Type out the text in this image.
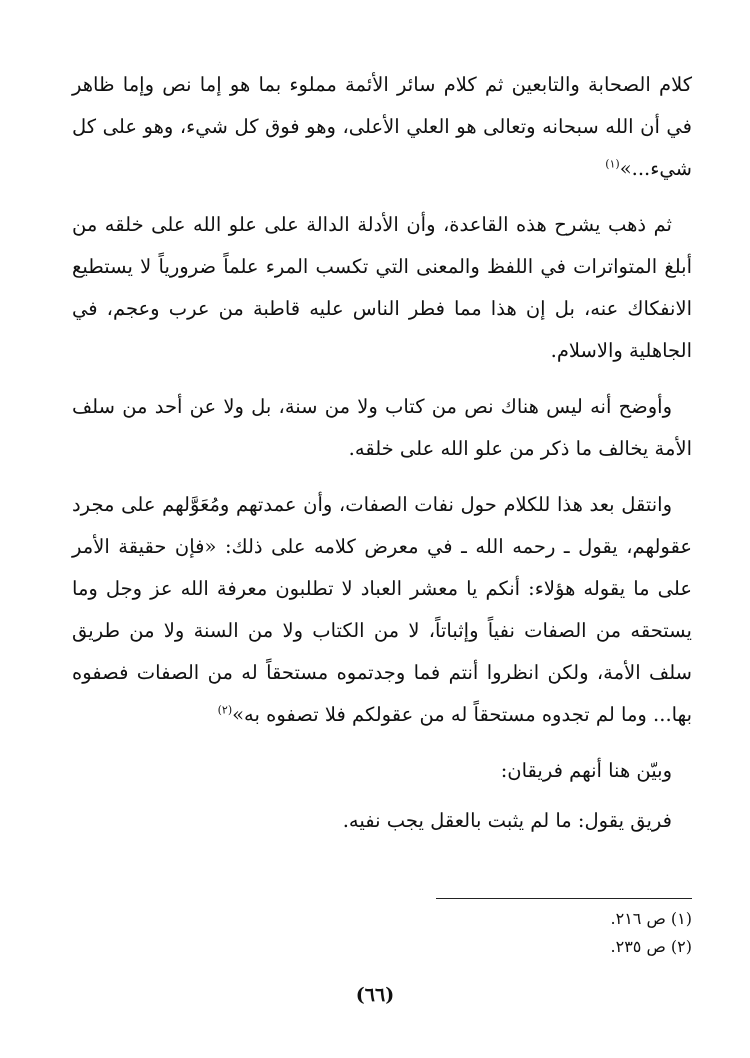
كلام الصحابة والتابعين ثم كلام سائر الأئمة مملوء بما هو إما نص وإما ظاهر في أن الله سبحانه وتعالى هو العلي الأعلى، وهو فوق كل شيء، وهو على كل شيء...»$^{(١)}$

ثم ذهب يشرح هذه القاعدة، وأن الأدلة الدالة على علو الله على خلقه من أبلغ المتواترات في اللفظ والمعنى التي تكسب المرء علماً ضرورياً لا يستطيع الانفكاك عنه، بل إن هذا مما فطر الناس عليه قاطبة من عرب وعجم، في الجاهلية والاسلام.

وأوضح أنه ليس هناك نص من كتاب ولا من سنة، بل ولا عن أحد من سلف الأمة يخالف ما ذكر من علو الله على خلقه.

وانتقل بعد هذا للكلام حول نفات الصفات، وأن عمدتهم ومُعَوَّلهم على مجرد عقولهم، يقول ـ رحمه الله ـ في معرض كلامه على ذلك: «فإن حقيقة الأمر على ما يقوله هؤلاء: أنكم يا معشر العباد لا تطلبون معرفة الله عز وجل وما يستحقه من الصفات نفياً وإثباتاً، لا من الكتاب ولا من السنة ولا من طريق سلف الأمة، ولكن انظروا أنتم فما وجدتموه مستحقاً له من الصفات فصفوه بها... وما لم تجدوه مستحقاً له من عقولكم فلا تصفوه به»$^{(٢)}$

وبيّن هنا أنهم فريقان:

فريق يقول: ما لم يثبت بالعقل يجب نفيه.

(١) ص ٢١٦.

(٢) ص ٢٣٥.

(٦٦)
